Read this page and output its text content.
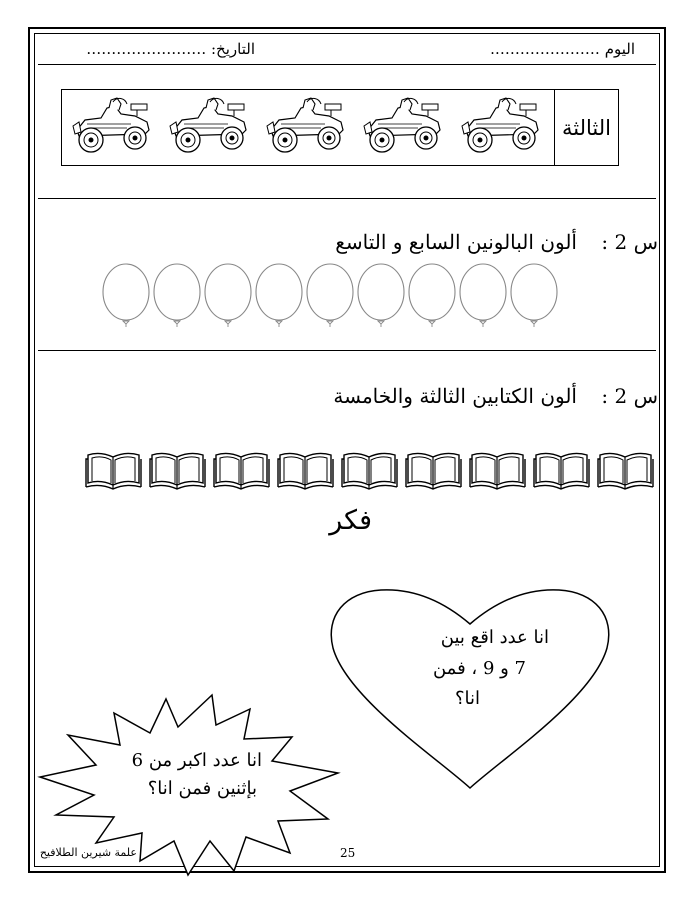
اليوم ………………….
التاريخ: ……………………
الثالثة
س 2 :
ألون البالونين السابع و التاسع
س 2 :
ألون الكتابين الثالثة والخامسة
فكر
انا عدد اقع بين
7 و 9 ، فمن
انا؟
انا عدد اكبر من 6
بإثنين فمن انا؟
علمة شيرين الطلافيح	25
